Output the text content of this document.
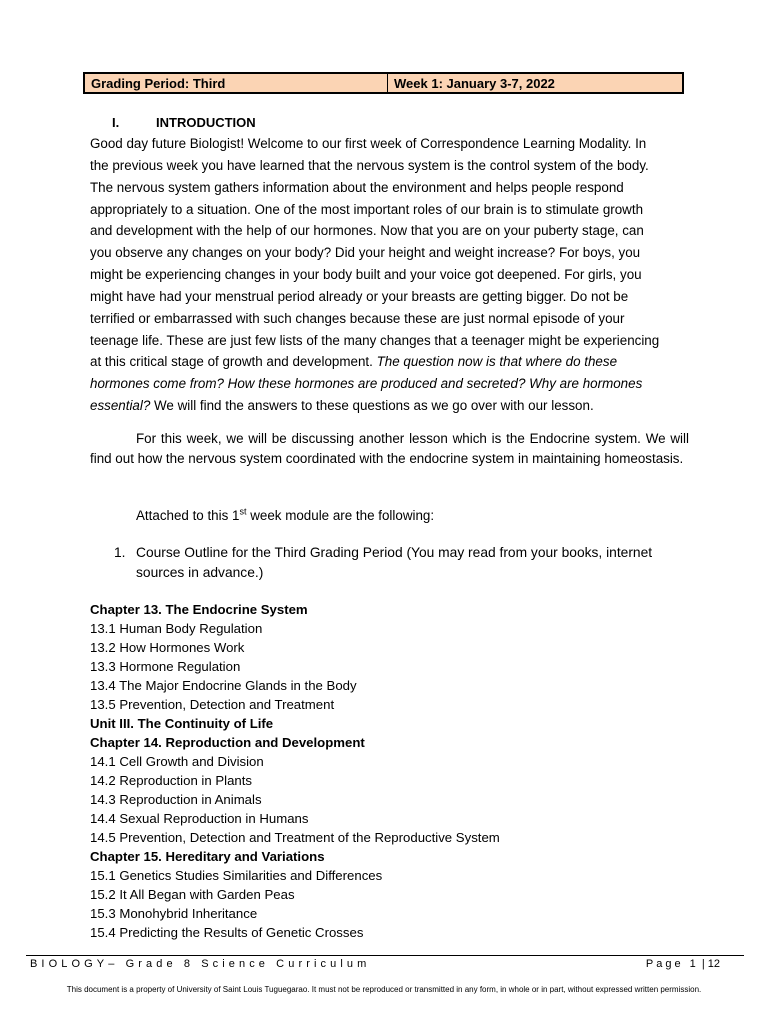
Grading Period: Third	Week 1: January 3-7, 2022
I.	INTRODUCTION
Good day future Biologist! Welcome to our first week of Correspondence Learning Modality. In
the previous week you have learned that the nervous system is the control system of the body.
The nervous system gathers information about the environment and helps people respond
appropriately to a situation. One of the most important roles of our brain is to stimulate growth
and development with the help of our hormones. Now that you are on your puberty stage, can
you observe any changes on your body? Did your height and weight increase? For boys, you
might be experiencing changes in your body built and your voice got deepened. For girls, you
might have had your menstrual period already or your breasts are getting bigger. Do not be
terrified or embarrassed with such changes because these are just normal episode of your
teenage life. These are just few lists of the many changes that a teenager might be experiencing
at this critical stage of growth and development. The question now is that where do these
hormones come from? How these hormones are produced and secreted? Why are hormones
essential? We will find the answers to these questions as we go over with our lesson.
For this week, we will be discussing another lesson which is the Endocrine system. We will find out how the nervous system coordinated with the endocrine system in maintaining homeostasis.
Attached to this 1st week module are the following:
1. Course Outline for the Third Grading Period (You may read from your books, internet sources in advance.)
Chapter 13. The Endocrine System
13.1 Human Body Regulation
13.2 How Hormones Work
13.3 Hormone Regulation
13.4 The Major Endocrine Glands in the Body
13.5 Prevention, Detection and Treatment
Unit III. The Continuity of Life
Chapter 14. Reproduction and Development
14.1 Cell Growth and Division
14.2 Reproduction in Plants
14.3 Reproduction in Animals
14.4 Sexual Reproduction in Humans
14.5 Prevention, Detection and Treatment of the Reproductive System
Chapter 15. Hereditary and Variations
15.1 Genetics Studies Similarities and Differences
15.2 It All Began with Garden Peas
15.3 Monohybrid Inheritance
15.4 Predicting the Results of Genetic Crosses
BIOLOGY– Grade 8 Science Curriculum	Page 1 | 12
This document is a property of University of Saint Louis Tuguegarao. It must not be reproduced or transmitted in any form, in whole or in part, without expressed written permission.
